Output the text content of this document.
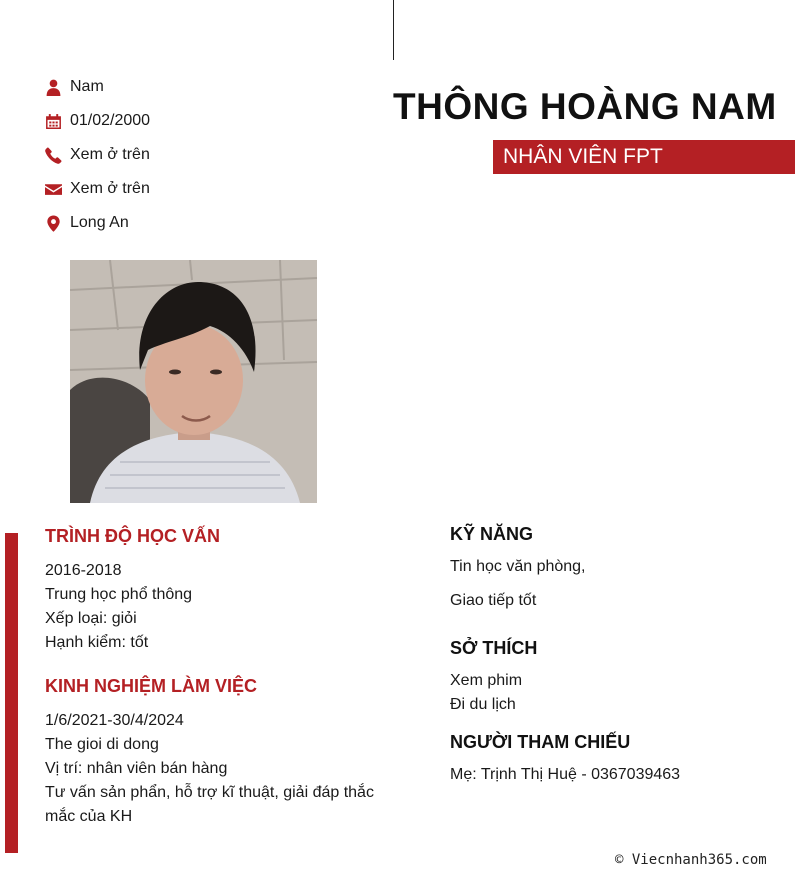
Nam
01/02/2000
Xem ở trên
Xem ở trên
Long An
THÔNG HOÀNG NAM
NHÂN VIÊN FPT
TRÌNH ĐỘ HỌC VẤN
2016-2018
Trung học phổ thông
Xếp loại: giỏi
Hạnh kiểm: tốt
KINH NGHIỆM LÀM VIỆC
1/6/2021-30/4/2024
The gioi di dong
Vị trí: nhân viên bán hàng
Tư vấn sản phẩn, hỗ trợ kĩ thuật, giải đáp thắc mắc của KH
KỸ NĂNG
Tin học văn phòng,
Giao tiếp tốt
SỞ THÍCH
Xem phim
Đi du lịch
NGƯỜI THAM CHIẾU
Mẹ: Trịnh Thị Huệ - 0367039463
© Viecnhanh365.com
